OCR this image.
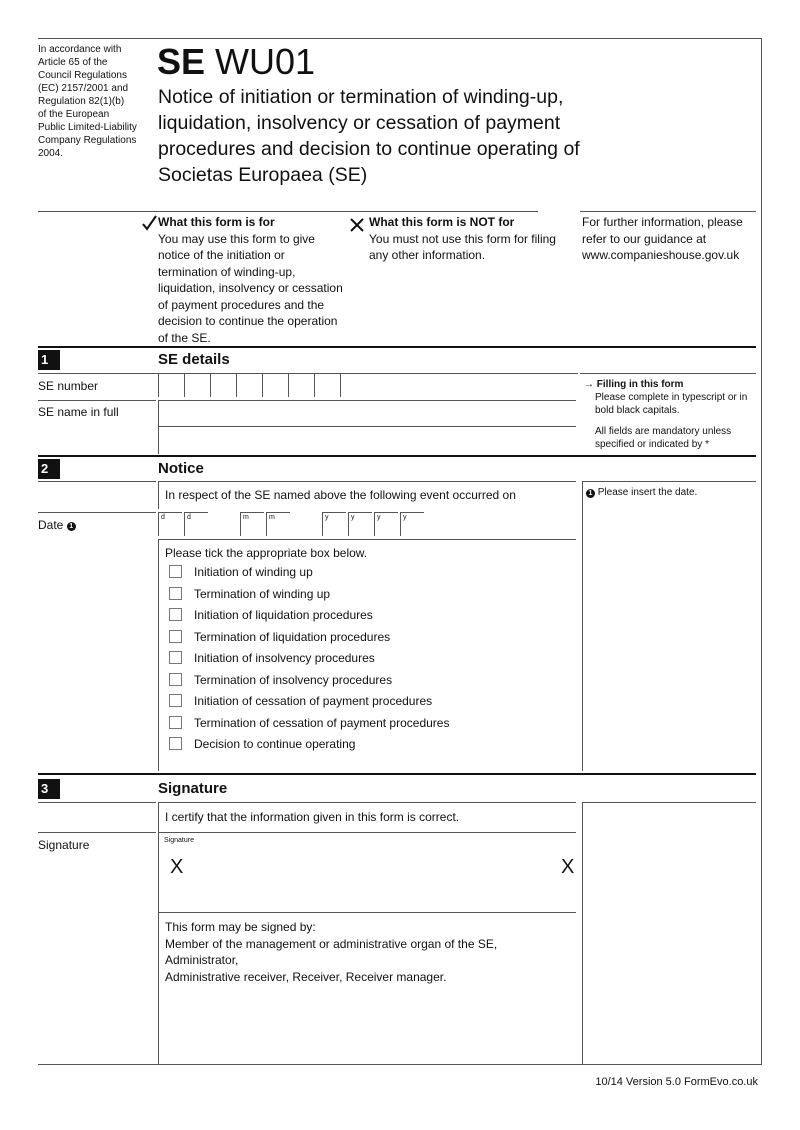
In accordance with
Article 65 of the
Council Regulations
(EC) 2157/2001 and
Regulation 82(1)(b)
of the European
Public Limited-Liability
Company Regulations
2004.
SE WU01
Notice of initiation or termination of winding-up,
liquidation, insolvency or cessation of payment
procedures and decision to continue operating of
Societas Europaea (SE)
What this form is for
You may use this form to give
notice of the initiation or
termination of winding-up,
liquidation, insolvency or cessation
of payment procedures and the
decision to continue the operation
of the SE.
What this form is NOT for
You must not use this form for filing
any other information.
For further information, please
refer to our guidance at
www.companieshouse.gov.uk
1	SE details
SE number
SE name in full
→ Filling in this form
Please complete in typescript or in
bold black capitals.
All fields are mandatory unless
specified or indicated by *
2	Notice
In respect of the SE named above the following event occurred on	1 Please insert the date.
Date 1
d	d	m	m	y	y	y	y
Please tick the appropriate box below.
Initiation of winding up
Termination of winding up
Initiation of liquidation procedures
Termination of liquidation procedures
Initiation of insolvency procedures
Termination of insolvency procedures
Initiation of cessation of payment procedures
Termination of cessation of payment procedures
Decision to continue operating
3	Signature
I certify that the information given in this form is correct.
Signature	Signature
X	X
This form may be signed by:
Member of the management or administrative organ of the SE, Administrator,
Administrative receiver, Receiver, Receiver manager.
10/14 Version 5.0 FormEvo.co.uk
